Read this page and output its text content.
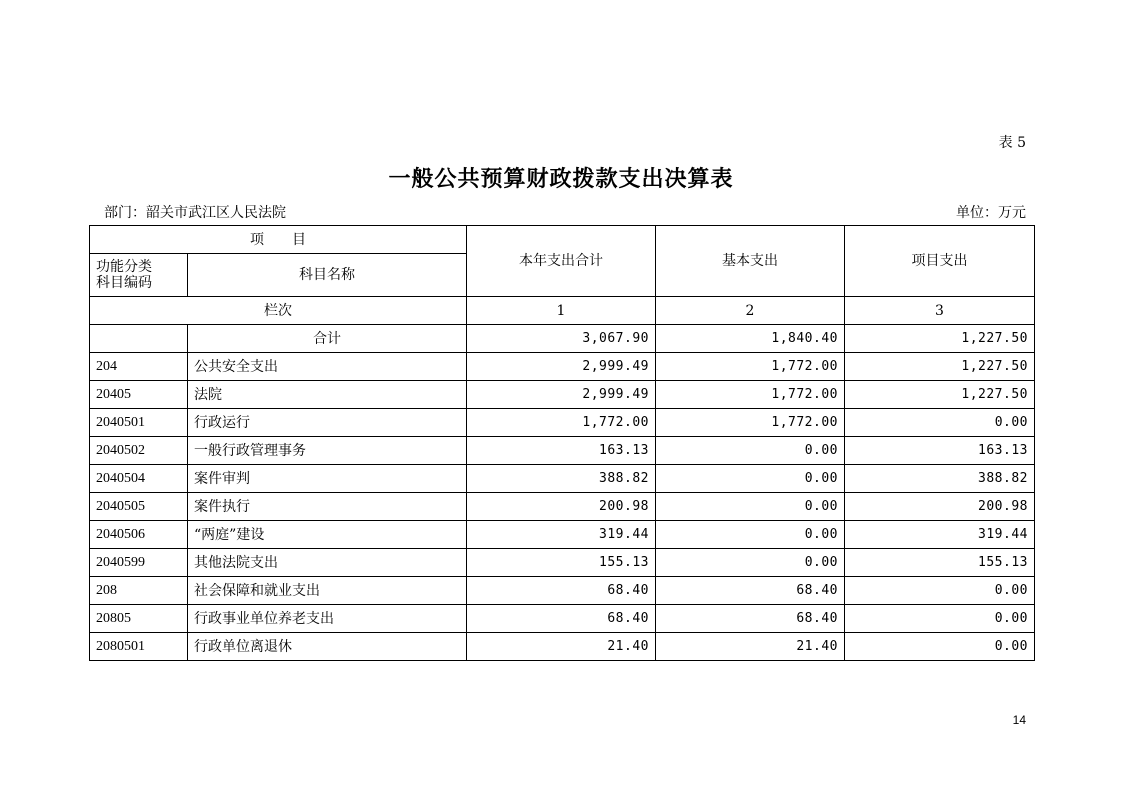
表 5
一般公共预算财政拨款支出决算表
部门：韶关市武江区人民法院	单位：万元
项　　目		本年支出合计	基本支出	项目支出

功能分类
科目编码	科目名称			
栏次		1	2	3
	合计	3,067.90	1,840.40	1,227.50
204	公共安全支出	2,999.49	1,772.00	1,227.50
20405	法院	2,999.49	1,772.00	1,227.50
2040501	行政运行	1,772.00	1,772.00	0.00
2040502	一般行政管理事务	163.13	0.00	163.13
2040504	案件审判	388.82	0.00	388.82
2040505	案件执行	200.98	0.00	200.98
2040506	“两庭”建设	319.44	0.00	319.44
2040599	其他法院支出	155.13	0.00	155.13
208	社会保障和就业支出	68.40	68.40	0.00
20805	行政事业单位养老支出	68.40	68.40	0.00
2080501	行政单位离退休	21.40	21.40	0.00
14
